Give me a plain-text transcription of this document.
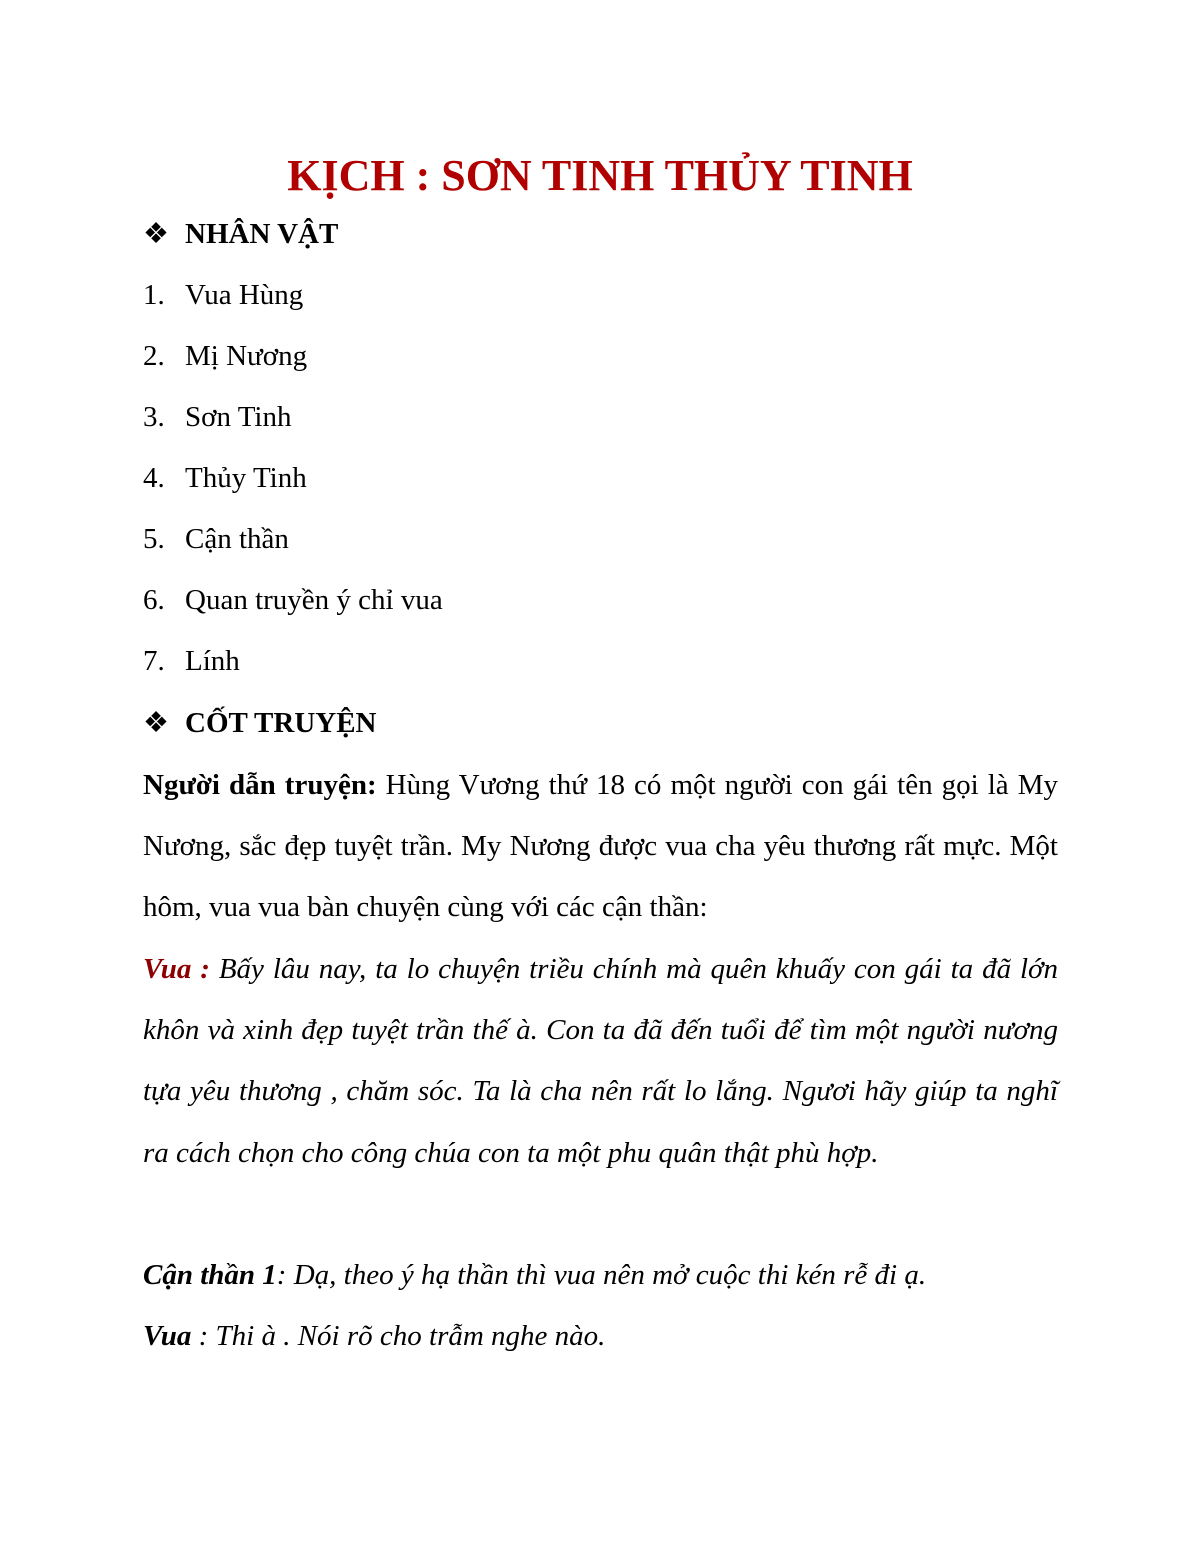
KỊCH : SƠN TINH THỦY TINH
❖ NHÂN VẬT
1. Vua Hùng
2. Mị Nương
3. Sơn Tinh
4. Thủy Tinh
5. Cận thần
6. Quan truyền ý chỉ vua
7. Lính
❖ CỐT TRUYỆN

Người dẫn truyện: Hùng Vương thứ 18 có một người con gái tên gọi là My Nương, sắc đẹp tuyệt trần. My Nương được vua cha yêu thương rất mực. Một hôm, vua vua bàn chuyện cùng với các cận thần:

Vua : Bấy lâu nay, ta lo chuyện triều chính mà quên khuấy con gái ta đã lớn khôn và xinh đẹp tuyệt trần thế à. Con ta đã đến tuổi để tìm một người nương tựa yêu thương , chăm sóc. Ta là cha nên rất lo lắng. Ngươi hãy giúp ta nghĩ ra cách chọn cho công chúa con ta một phu quân thật phù hợp.

Cận thần 1: Dạ, theo ý hạ thần thì vua nên mở cuộc thi kén rễ đi ạ.

Vua : Thi à . Nói rõ cho trẫm nghe nào.
